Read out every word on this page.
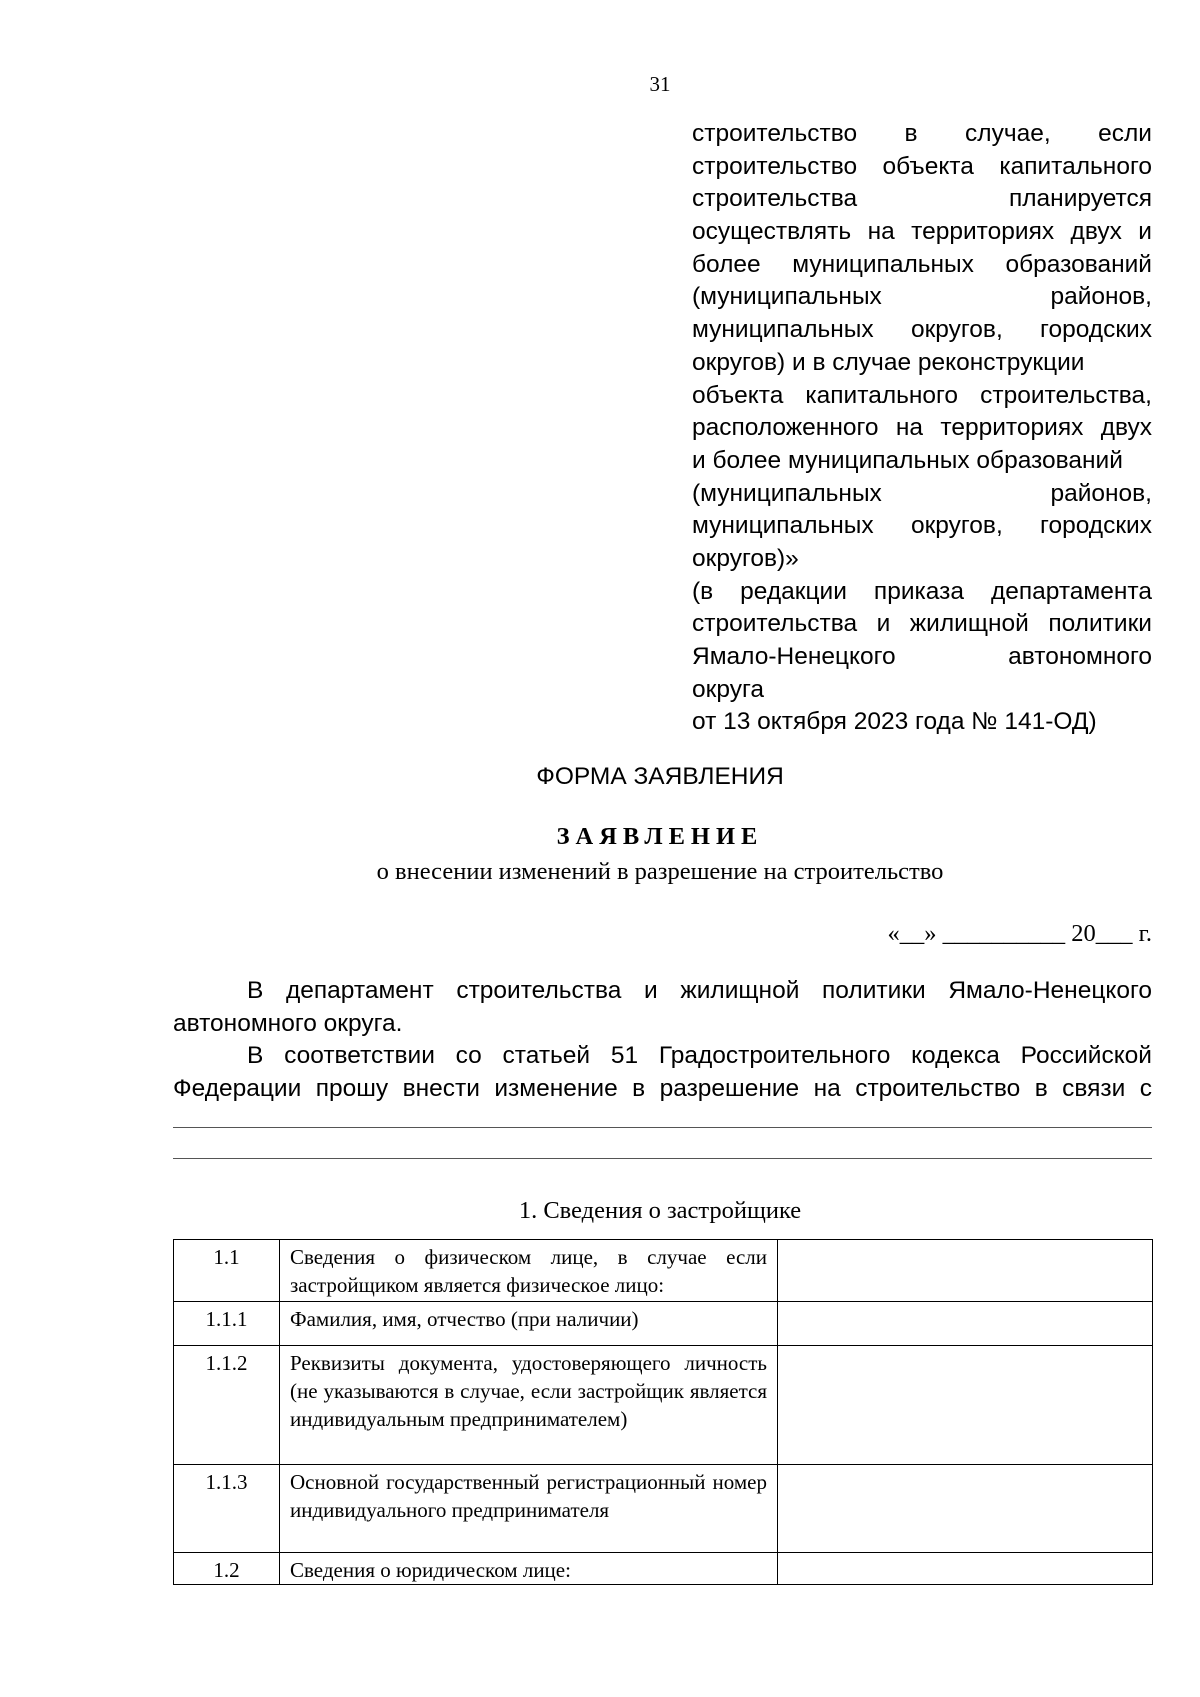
31
строительство в случае, если
строительство объекта капитального
строительства	планируется
осуществлять на территориях двух и
более муниципальных образований
(муниципальных	районов,
муниципальных округов, городских
округов) и в случае реконструкции
объекта капитального строительства,
расположенного на территориях двух
и более муниципальных образований
(муниципальных	районов,
муниципальных округов, городских
округов)»
(в редакции приказа департамента
строительства и жилищной политики
Ямало-Ненецкого	автономного
округа
от 13 октября 2023 года № 141-ОД)
ФОРМА ЗАЯВЛЕНИЯ
ЗАЯВЛЕНИЕ
о внесении изменений в разрешение на строительство
«__» __________ 20___ г.
В департамент строительства и жилищной политики Ямало-Ненецкого автономного округа.
В соответствии со статьей 51 Градостроительного кодекса Российской Федерации прошу внести изменение в разрешение на строительство в связи с
1. Сведения о застройщике
1.1	Сведения о физическом лице, в случае если застройщиком является физическое лицо:	
1.1.1	Фамилия, имя, отчество (при наличии)	
1.1.2	Реквизиты документа, удостоверяющего личность (не указываются в случае, если застройщик является индивидуальным предпринимателем)	
1.1.3	Основной государственный регистрационный номер индивидуального предпринимателя	
1.2	Сведения о юридическом лице:	
